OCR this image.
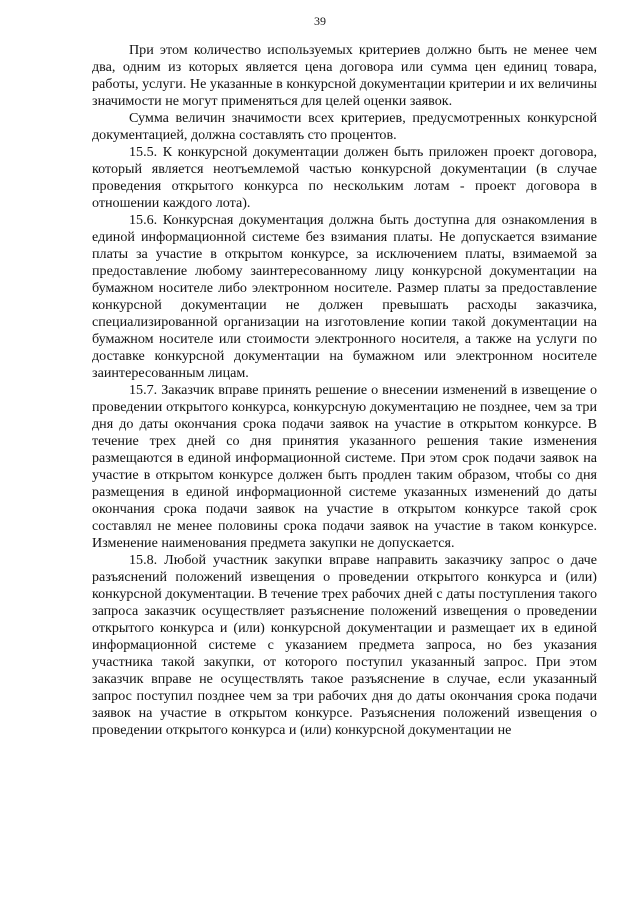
39

При этом количество используемых критериев должно быть не менее чем два, одним из которых является цена договора или сумма цен единиц товара, работы, услуги. Не указанные в конкурсной документации критерии и их величины значимости не могут применяться для целей оценки заявок.

Сумма величин значимости всех критериев, предусмотренных конкурсной документацией, должна составлять сто процентов.

15.5. К конкурсной документации должен быть приложен проект договора, который является неотъемлемой частью конкурсной документации (в случае проведения открытого конкурса по нескольким лотам - проект договора в отношении каждого лота).

15.6. Конкурсная документация должна быть доступна для ознакомления в единой информационной системе без взимания платы. Не допускается взимание платы за участие в открытом конкурсе, за исключением платы, взимаемой за предоставление любому заинтересованному лицу конкурсной документации на бумажном носителе либо электронном носителе. Размер платы за предоставление конкурсной документации не должен превышать расходы заказчика, специализированной организации на изготовление копии такой документации на бумажном носителе или стоимости электронного носителя, а также на услуги по доставке конкурсной документации на бумажном или электронном носителе заинтересованным лицам.

15.7. Заказчик вправе принять решение о внесении изменений в извещение о проведении открытого конкурса, конкурсную документацию не позднее, чем за три дня до даты окончания срока подачи заявок на участие в открытом конкурсе. В течение трех дней со дня принятия указанного решения такие изменения размещаются в единой информационной системе. При этом срок подачи заявок на участие в открытом конкурсе должен быть продлен таким образом, чтобы со дня размещения в единой информационной системе указанных изменений до даты окончания срока подачи заявок на участие в открытом конкурсе такой срок составлял не менее половины срока подачи заявок на участие в таком конкурсе. Изменение наименования предмета закупки не допускается.

15.8. Любой участник закупки вправе направить заказчику запрос о даче разъяснений положений извещения о проведении открытого конкурса и (или) конкурсной документации. В течение трех рабочих дней с даты поступления такого запроса заказчик осуществляет разъяснение положений извещения о проведении открытого конкурса и (или) конкурсной документации и размещает их в единой информационной системе с указанием предмета запроса, но без указания участника такой закупки, от которого поступил указанный запрос. При этом заказчик вправе не осуществлять такое разъяснение в случае, если указанный запрос поступил позднее чем за три рабочих дня до даты окончания срока подачи заявок на участие в открытом конкурсе. Разъяснения положений извещения о проведении открытого конкурса и (или) конкурсной документации не
